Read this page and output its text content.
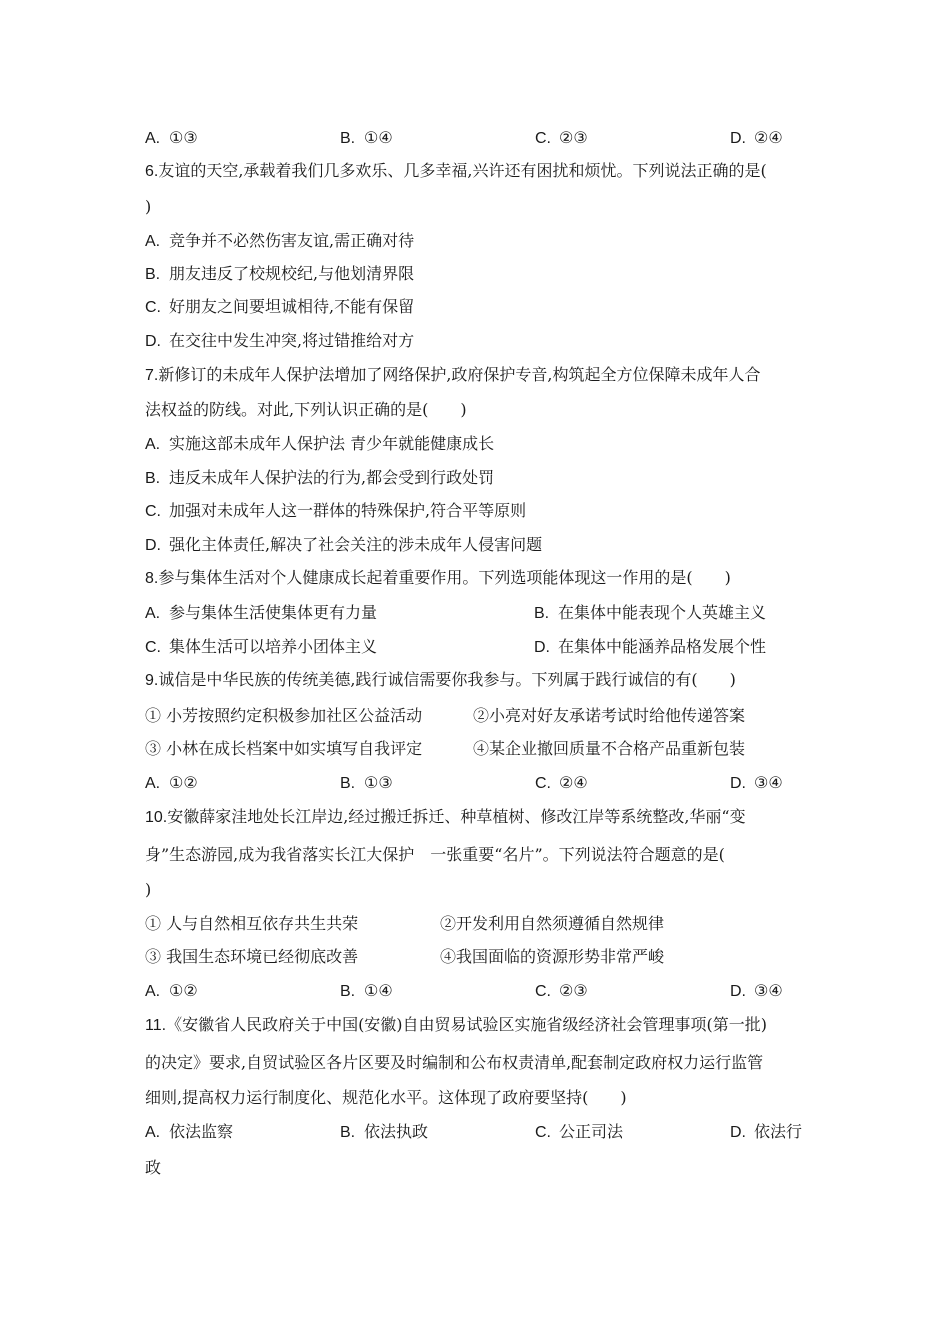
A. ①③	B. ①④	C. ②③	D. ②④
6.友谊的天空,承载着我们几多欢乐、几多幸福,兴许还有困扰和烦忧。下列说法正确的是(
)
A. 竞争并不必然伤害友谊,需正确对待
B. 朋友违反了校规校纪,与他划清界限
C. 好朋友之间要坦诚相待,不能有保留
D. 在交往中发生冲突,将过错推给对方
7.新修订的未成年人保护法增加了网络保护,政府保护专音,构筑起全方位保障未成年人合
法权益的防线。对此,下列认识正确的是(　　)
A. 实施这部未成年人保护法 青少年就能健康成长
B. 违反未成年人保护法的行为,都会受到行政处罚
C. 加强对未成年人这一群体的特殊保护,符合平等原则
D. 强化主体责任,解决了社会关注的涉未成年人侵害问题
8.参与集体生活对个人健康成长起着重要作用。下列选项能体现这一作用的是(　　)
A. 参与集体生活使集体更有力量	B. 在集体中能表现个人英雄主义
C. 集体生活可以培养小团体主义	D. 在集体中能涵养品格发展个性
9.诚信是中华民族的传统美德,践行诚信需要你我参与。下列属于践行诚信的有(　　)
① 小芳按照约定积极参加社区公益活动	②小亮对好友承诺考试时给他传递答案
③ 小林在成长档案中如实填写自我评定	④某企业撤回质量不合格产品重新包装
A. ①②	B. ①③	C. ②④	D. ③④
10.安徽薛家洼地处长江岸边,经过搬迁拆迁、种草植树、修改江岸等系统整改,华丽“变
身”生态游园,成为我省落实长江大保护　一张重要“名片”。下列说法符合题意的是(
)
① 人与自然相互依存共生共荣	②开发利用自然须遵循自然规律
③ 我国生态环境已经彻底改善	④我国面临的资源形势非常严峻
A. ①②	B. ①④	C. ②③	D. ③④
11.《安徽省人民政府关于中国(安徽)自由贸易试验区实施省级经济社会管理事项(第一批)
的决定》要求,自贸试验区各片区要及时编制和公布权责清单,配套制定政府权力运行监管
细则,提高权力运行制度化、规范化水平。这体现了政府要坚持(　　)
A. 依法监察	B. 依法执政	C. 公正司法	D. 依法行
政
